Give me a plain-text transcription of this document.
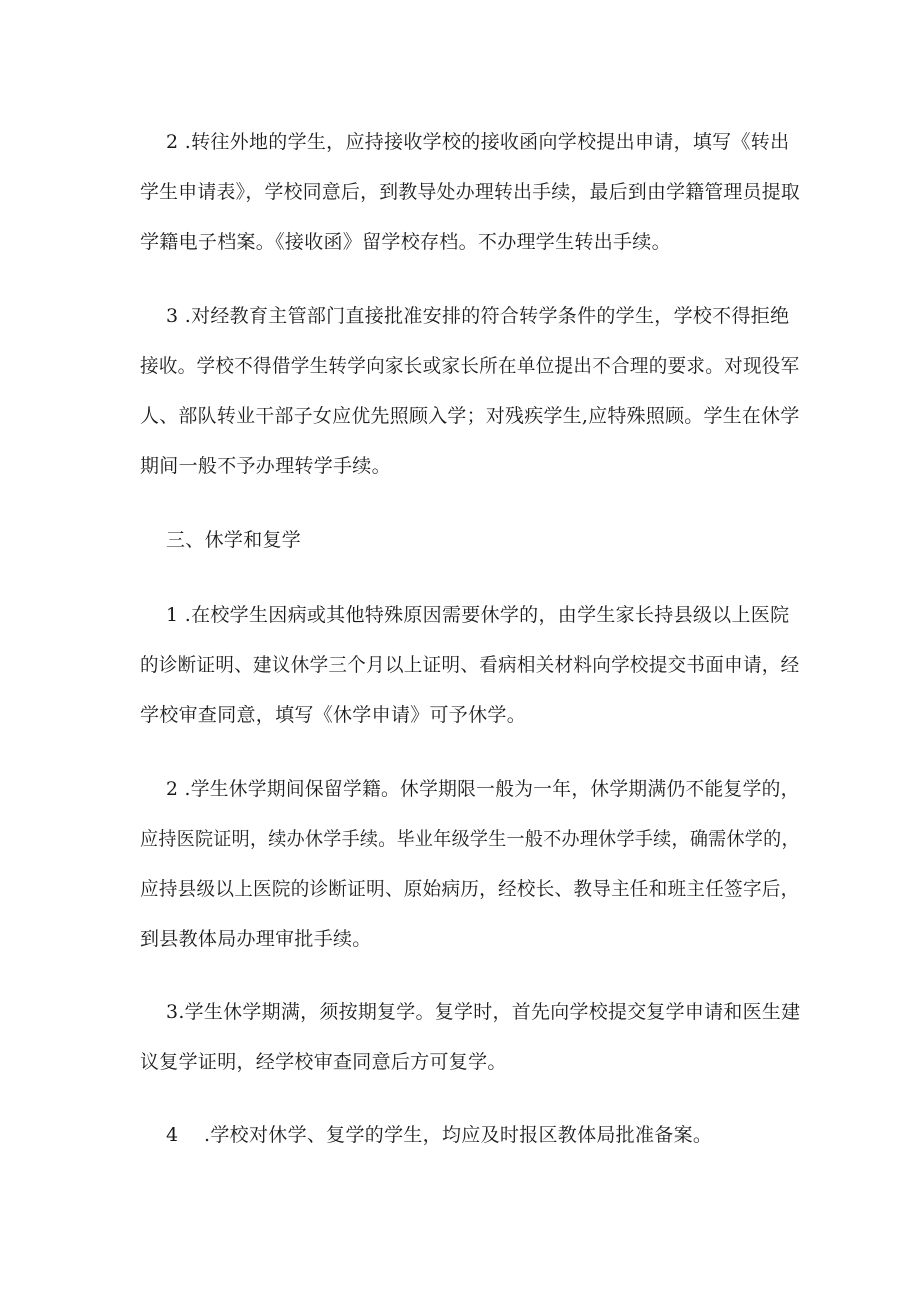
2 .转往外地的学生，应持接收学校的接收函向学校提出申请，填写《转出
学生申请表》，学校同意后，到教导处办理转出手续，最后到由学籍管理员提取
学籍电子档案。《接收函》留学校存档。不办理学生转出手续。
3 .对经教育主管部门直接批准安排的符合转学条件的学生，学校不得拒绝
接收。学校不得借学生转学向家长或家长所在单位提出不合理的要求。对现役军
人、部队转业干部子女应优先照顾入学；对残疾学生,应特殊照顾。学生在休学
期间一般不予办理转学手续。
三、休学和复学
1 .在校学生因病或其他特殊原因需要休学的，由学生家长持县级以上医院
的诊断证明、建议休学三个月以上证明、看病相关材料向学校提交书面申请，经
学校审查同意，填写《休学申请》可予休学。
2 .学生休学期间保留学籍。休学期限一般为一年，休学期满仍不能复学的，
应持医院证明，续办休学手续。毕业年级学生一般不办理休学手续，确需休学的，
应持县级以上医院的诊断证明、原始病历，经校长、教导主任和班主任签字后，
到县教体局办理审批手续。
3.学生休学期满，须按期复学。复学时，首先向学校提交复学申请和医生建
议复学证明，经学校审查同意后方可复学。
4　 .学校对休学、复学的学生，均应及时报区教体局批准备案。
